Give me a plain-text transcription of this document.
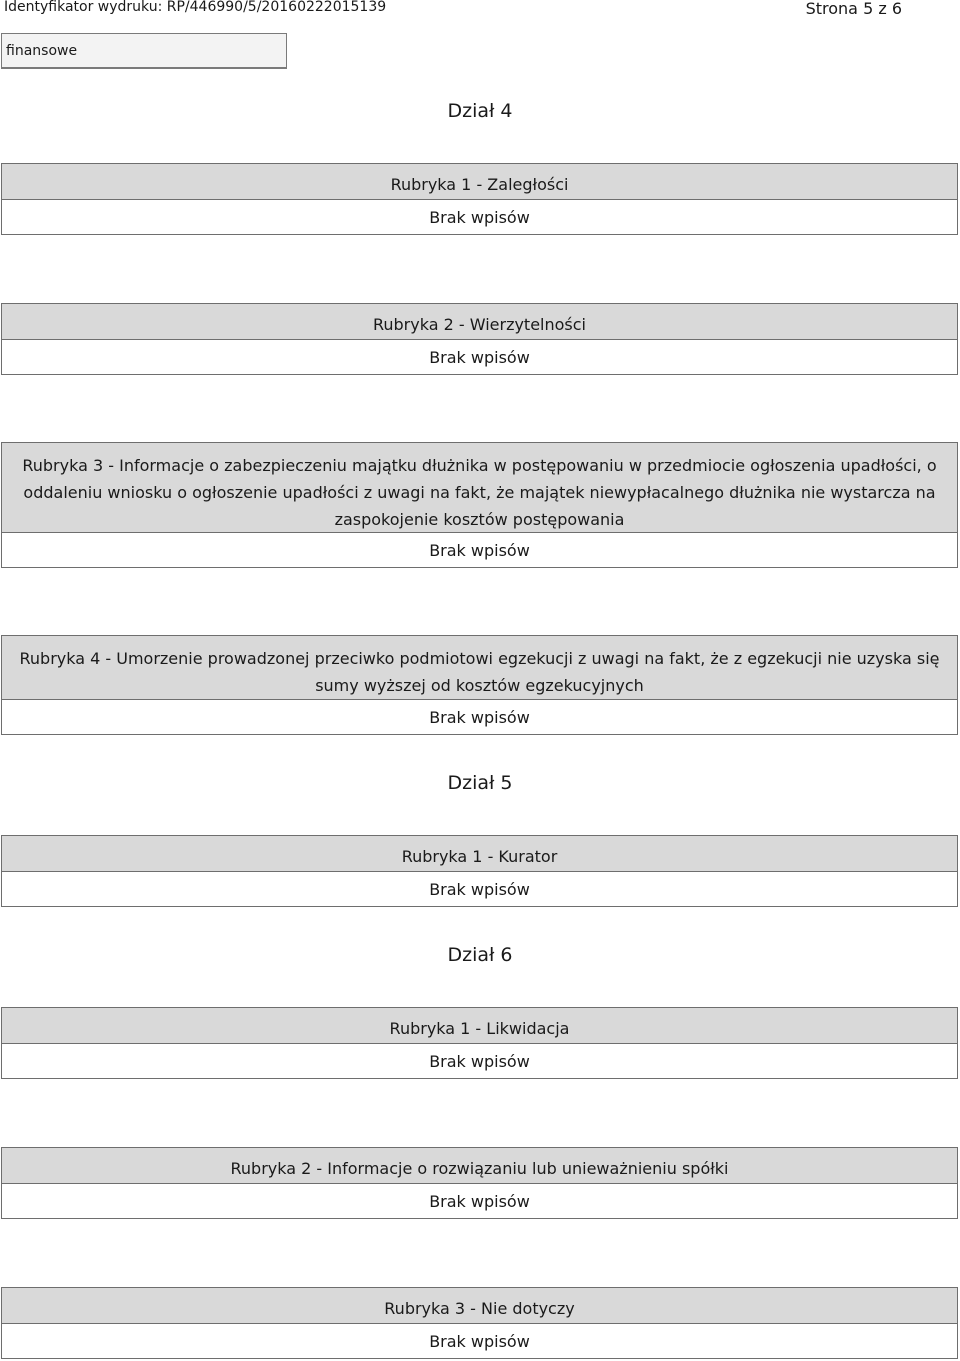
Identyfikator wydruku: RP/446990/5/20160222015139	Strona 5 z 6
finansowe
Dział 4
Rubryka 1 - Zaległości
Brak wpisów
Rubryka 2 - Wierzytelności
Brak wpisów
Rubryka 3 - Informacje o zabezpieczeniu majątku dłużnika w postępowaniu w przedmiocie ogłoszenia upadłości, o oddaleniu wniosku o ogłoszenie upadłości z uwagi na fakt, że majątek niewypłacalnego dłużnika nie wystarcza na zaspokojenie kosztów postępowania
Brak wpisów
Rubryka 4 - Umorzenie prowadzonej przeciwko podmiotowi egzekucji z uwagi na fakt, że z egzekucji nie uzyska się sumy wyższej od kosztów egzekucyjnych
Brak wpisów
Dział 5
Rubryka 1 - Kurator
Brak wpisów
Dział 6
Rubryka 1 - Likwidacja
Brak wpisów
Rubryka 2 - Informacje o rozwiązaniu lub unieważnieniu spółki
Brak wpisów
Rubryka 3 - Nie dotyczy
Brak wpisów
